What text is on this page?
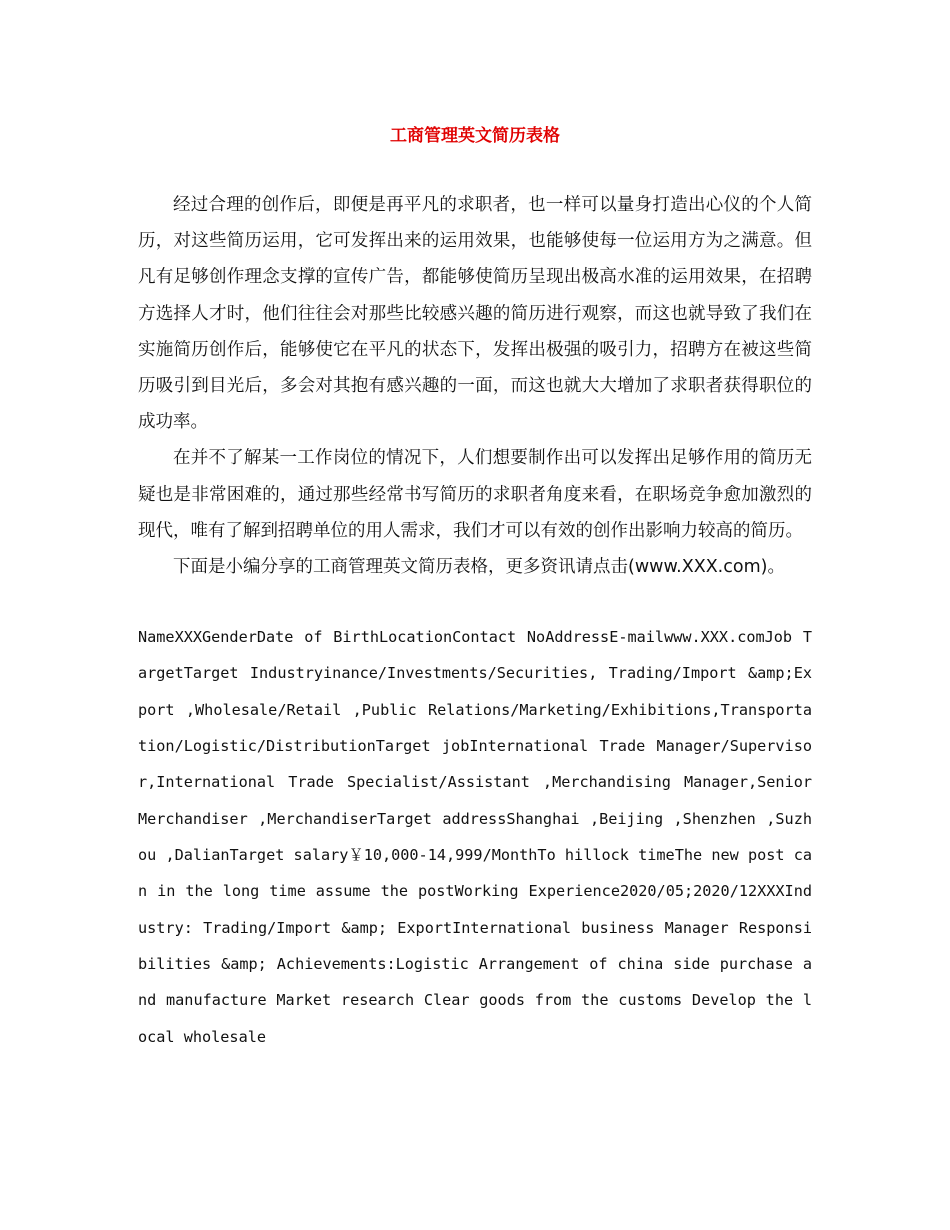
工商管理英文简历表格

经过合理的创作后，即便是再平凡的求职者，也一样可以量身打造出心仪的个人简历，对这些简历运用，它可发挥出来的运用效果，也能够使每一位运用方为之满意。但凡有足够创作理念支撑的宣传广告，都能够使简历呈现出极高水准的运用效果，在招聘方选择人才时，他们往往会对那些比较感兴趣的简历进行观察，而这也就导致了我们在实施简历创作后，能够使它在平凡的状态下，发挥出极强的吸引力，招聘方在被这些简历吸引到目光后，多会对其抱有感兴趣的一面，而这也就大大增加了求职者获得职位的成功率。

在并不了解某一工作岗位的情况下，人们想要制作出可以发挥出足够作用的简历无疑也是非常困难的，通过那些经常书写简历的求职者角度来看，在职场竞争愈加激烈的现代，唯有了解到招聘单位的用人需求，我们才可以有效的创作出影响力较高的简历。

下面是小编分享的工商管理英文简历表格，更多资讯请点击(www.XXX.com)。

NameXXXGenderDate of BirthLocationContact NoAddressE-mailwww.XXX.comJob TargetTarget Industryinance/Investments/Securities, Trading/Import &amp;Export ,Wholesale/Retail ,Public Relations/Marketing/Exhibitions,Transportation/Logistic/DistributionTarget jobInternational Trade Manager/Supervisor,International Trade Specialist/Assistant ,Merchandising Manager,Senior Merchandiser ,MerchandiserTarget addressShanghai ,Beijing ,Shenzhen ,Suzhou ,DalianTarget salary￥10,000-14,999/MonthTo hillock timeThe new post can in the long time assume the postWorking Experience2020/05;2020/12XXXIndustry: Trading/Import &amp; ExportInternational business Manager Responsibilities &amp; Achievements:Logistic Arrangement of china side purchase and manufacture Market research Clear goods from the customs Develop the local wholesale
